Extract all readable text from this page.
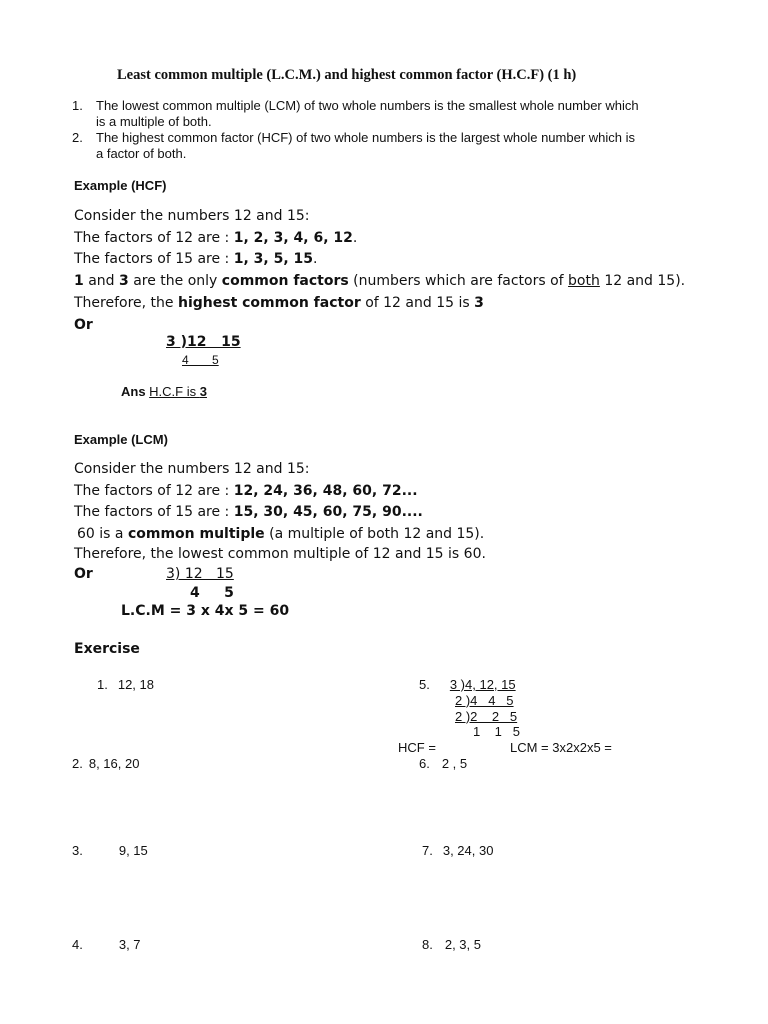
Least common multiple (L.C.M.) and highest common factor (H.C.F) (1 h)
1. The lowest common multiple (LCM) of two whole numbers is the smallest whole number which
is a multiple of both.
2. The highest common factor (HCF) of two whole numbers is the largest whole number which is
a factor of both.
Example (HCF)
Consider the numbers 12 and 15:
The factors of 12 are : 1, 2, 3, 4, 6, 12.
The factors of 15 are : 1, 3, 5, 15.
1 and 3 are the only common factors (numbers which are factors of both 12 and 15).
Therefore, the highest common factor of 12 and 15 is 3
Or
3 )12   15
4       5
Ans H.C.F is 3
Example (LCM)
Consider the numbers 12 and 15:
The factors of 12 are : 12, 24, 36, 48, 60, 72...
The factors of 15 are : 15, 30, 45, 60, 75, 90....
60 is a common multiple (a multiple of both 12 and 15).
Therefore, the lowest common multiple of 12 and 15 is 60.
Or	3) 12   15
4     5
L.C.M = 3 x 4x 5 = 60
Exercise
1. 12, 18
2. 8, 16, 20
3.	9, 15
4.	3, 7
5. 3 )4, 12, 15
2 )4   4   5
2 )2    2   5
1    1   5
HCF =	LCM = 3x2x2x5 =
6. 2 , 5
7. 3, 24, 30
8. 2, 3, 5
